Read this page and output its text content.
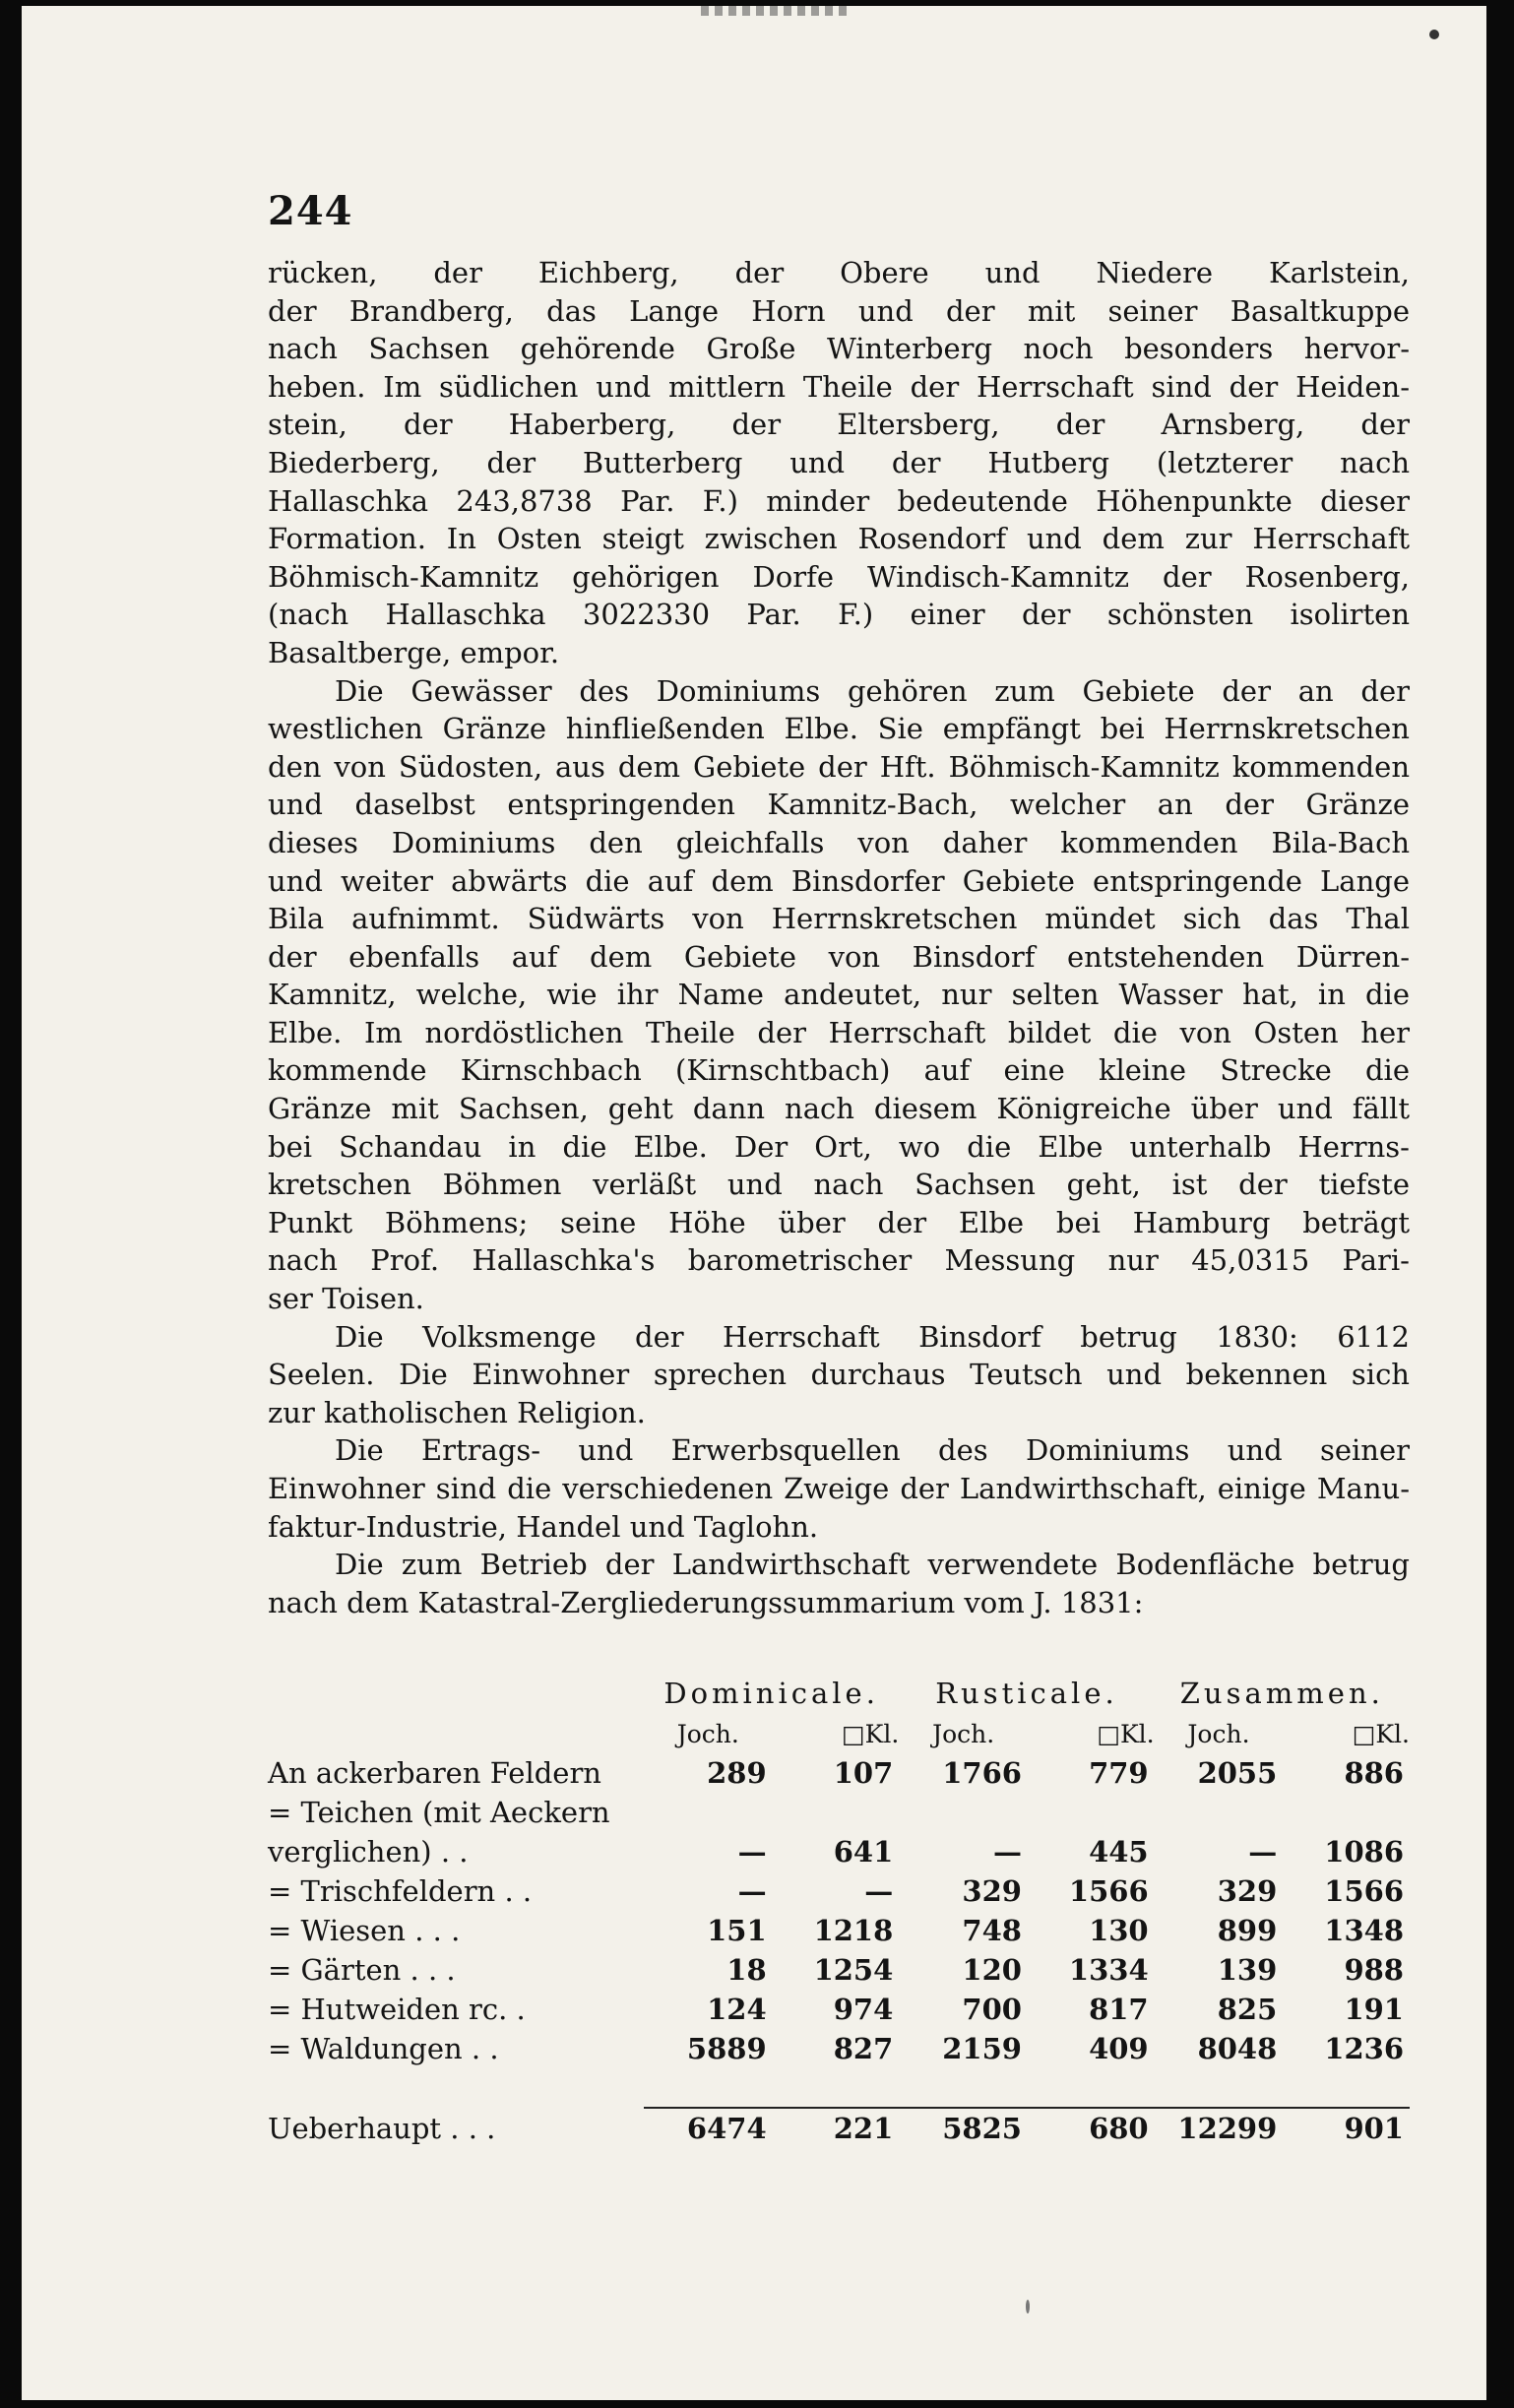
244

rücken, der Eichberg, der Obere und Niedere Karlstein,

der Brandberg, das Lange Horn und der mit seiner Basaltkuppe

nach Sachsen gehörende Große Winterberg noch besonders hervor-

heben. Im südlichen und mittlern Theile der Herrschaft sind der Heiden-

stein, der Haberberg, der Eltersberg, der Arnsberg, der

Biederberg, der Butterberg und der Hutberg (letzterer nach

Hallaschka 243,8738 Par. F.) minder bedeutende Höhenpunkte dieser

Formation. In Osten steigt zwischen Rosendorf und dem zur Herrschaft

Böhmisch-Kamnitz gehörigen Dorfe Windisch-Kamnitz der Rosenberg,

(nach Hallaschka 3022330 Par. F.) einer der schönsten isolirten

Basaltberge, empor.

Die Gewässer des Dominiums gehören zum Gebiete der an der

westlichen Gränze hinfließenden Elbe. Sie empfängt bei Herrnskretschen

den von Südosten, aus dem Gebiete der Hft. Böhmisch-Kamnitz kommenden

und daselbst entspringenden Kamnitz-Bach, welcher an der Gränze

dieses Dominiums den gleichfalls von daher kommenden Bila-Bach

und weiter abwärts die auf dem Binsdorfer Gebiete entspringende Lange

Bila aufnimmt. Südwärts von Herrnskretschen mündet sich das Thal

der ebenfalls auf dem Gebiete von Binsdorf entstehenden Dürren-

Kamnitz, welche, wie ihr Name andeutet, nur selten Wasser hat, in die

Elbe. Im nordöstlichen Theile der Herrschaft bildet die von Osten her

kommende Kirnschbach (Kirnschtbach) auf eine kleine Strecke die

Gränze mit Sachsen, geht dann nach diesem Königreiche über und fällt

bei Schandau in die Elbe. Der Ort, wo die Elbe unterhalb Herrns-

kretschen Böhmen verläßt und nach Sachsen geht, ist der tiefste

Punkt Böhmens; seine Höhe über der Elbe bei Hamburg beträgt

nach Prof. Hallaschka's barometrischer Messung nur 45,0315 Pari-

ser Toisen.

Die Volksmenge der Herrschaft Binsdorf betrug 1830: 6112

Seelen. Die Einwohner sprechen durchaus Teutsch und bekennen sich

zur katholischen Religion.

Die Ertrags- und Erwerbsquellen des Dominiums und seiner

Einwohner sind die verschiedenen Zweige der Landwirthschaft, einige Manu-

faktur-Industrie, Handel und Taglohn.

Die zum Betrieb der Landwirthschaft verwendete Bodenfläche betrug

nach dem Katastral-Zergliederungssummarium vom J. 1831:

	Dominicale.		Rusticale.		Zusammen.	
	Joch.	□Kl.	Joch.	□Kl.	Joch.	□Kl.
An ackerbaren Feldern	289	107	1766	779	2055	886
= Teichen (mit Aeckern						
verglichen) . .	—	641	—	445	—	1086
= Trischfeldern . .	—	—	329	1566	329	1566
= Wiesen . . .	151	1218	748	130	899	1348
= Gärten . . .	18	1254	120	1334	139	988
= Hutweiden rc. .	124	974	700	817	825	191
= Waldungen . .	5889	827	2159	409	8048	1236

Ueberhaupt . . .	6474	221	5825	680	12299	901
